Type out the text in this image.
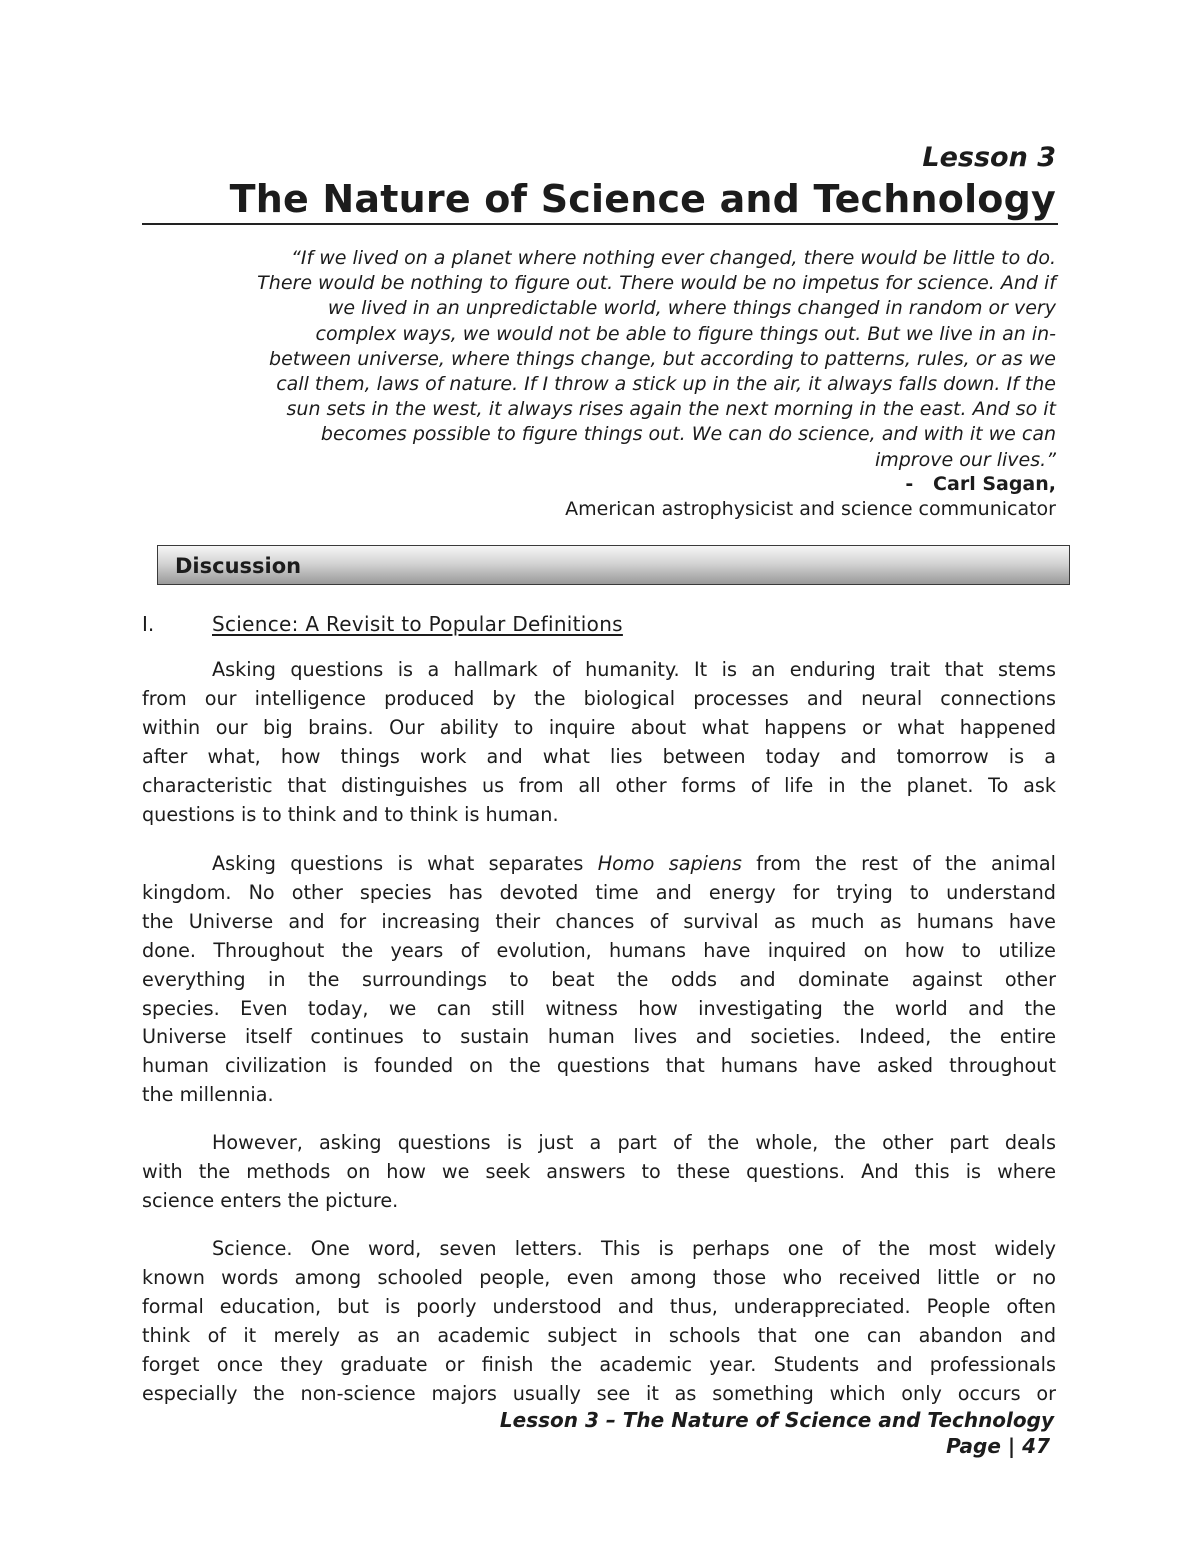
Lesson 3
The Nature of Science and Technology
“If we lived on a planet where nothing ever changed, there would be little to do.
There would be nothing to figure out. There would be no impetus for science. And if
we lived in an unpredictable world, where things changed in random or very
complex ways, we would not be able to figure things out. But we live in an in-
between universe, where things change, but according to patterns, rules, or as we
call them, laws of nature. If I throw a stick up in the air, it always falls down. If the
sun sets in the west, it always rises again the next morning in the east. And so it
becomes possible to figure things out. We can do science, and with it we can
improve our lives.”
-   Carl Sagan,
American astrophysicist and science communicator
Discussion
I.	Science: A Revisit to Popular Definitions
Asking questions is a hallmark of humanity. It is an enduring trait that stems
from our intelligence produced by the biological processes and neural connections
within our big brains. Our ability to inquire about what happens or what happened
after what, how things work and what lies between today and tomorrow is a
characteristic that distinguishes us from all other forms of life in the planet. To ask
questions is to think and to think is human.
Asking questions is what separates Homo sapiens from the rest of the animal
kingdom. No other species has devoted time and energy for trying to understand
the Universe and for increasing their chances of survival as much as humans have
done. Throughout the years of evolution, humans have inquired on how to utilize
everything in the surroundings to beat the odds and dominate against other
species. Even today, we can still witness how investigating the world and the
Universe itself continues to sustain human lives and societies. Indeed, the entire
human civilization is founded on the questions that humans have asked throughout
the millennia.
However, asking questions is just a part of the whole, the other part deals
with the methods on how we seek answers to these questions. And this is where
science enters the picture.
Science. One word, seven letters. This is perhaps one of the most widely
known words among schooled people, even among those who received little or no
formal education, but is poorly understood and thus, underappreciated. People often
think of it merely as an academic subject in schools that one can abandon and
forget once they graduate or finish the academic year. Students and professionals
especially the non-science majors usually see it as something which only occurs or
Lesson 3 – The Nature of Science and Technology
Page | 47
